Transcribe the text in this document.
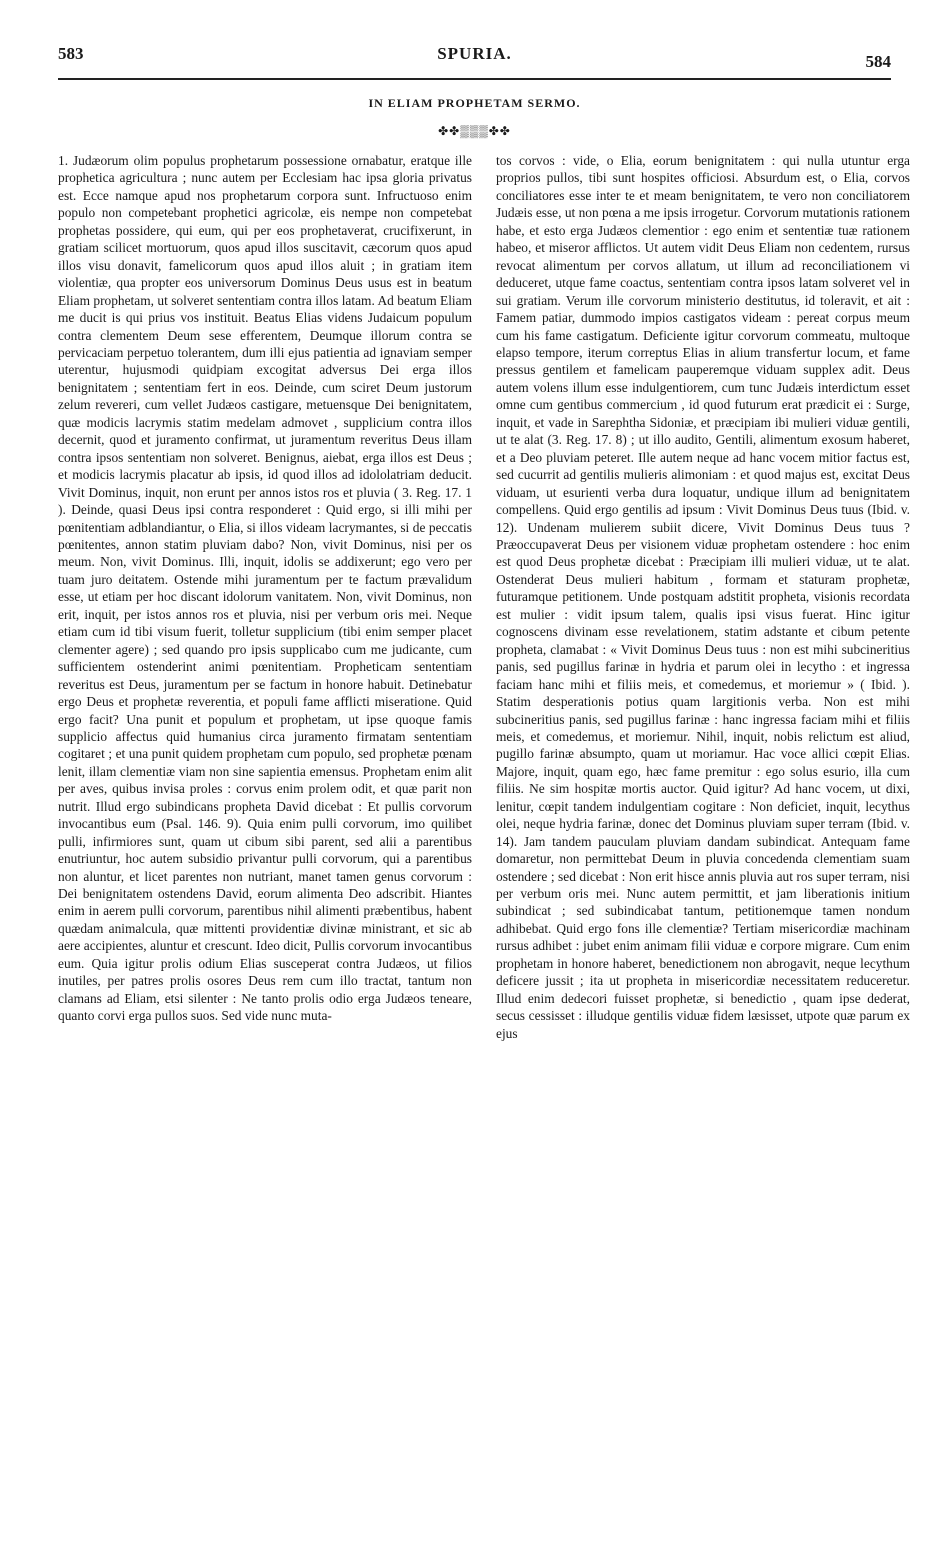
583	SPURIA.	584
IN ELIAM PROPHETAM SERMO.
✤✤▒▒▒✤✤

1. Judæorum olim populus prophetarum possessione ornabatur, eratque ille prophetica agricultura ; nunc autem per Ecclesiam hac ipsa gloria privatus est. Ecce namque apud nos prophetarum corpora sunt. Infructuoso enim populo non competebant prophetici agricolæ, eis nempe non competebat prophetas possidere, qui eum, qui per eos prophetaverat, crucifixerunt, in gratiam scilicet mortuorum, quos apud illos suscitavit, cæcorum quos apud illos visu donavit, famelicorum quos apud illos aluit ; in gratiam item violentiæ, qua propter eos universorum Dominus Deus usus est in beatum Eliam prophetam, ut solveret sententiam contra illos latam. Ad beatum Eliam me ducit is qui prius vos instituit. Beatus Elias videns Judaicum populum contra clementem Deum sese efferentem, Deumque illorum contra se pervicaciam perpetuo tolerantem, dum illi ejus patientia ad ignaviam semper uterentur, hujusmodi quidpiam excogitat adversus Dei erga illos benignitatem ; sententiam fert in eos. Deinde, cum sciret Deum justorum zelum revereri, cum vellet Judæos castigare, metuensque Dei benignitatem, quæ modicis lacrymis statim medelam admovet , supplicium contra illos decernit, quod et juramento confirmat, ut juramentum reveritus Deus illam contra ipsos sententiam non solveret. Benignus, aiebat, erga illos est Deus ; et modicis lacrymis placatur ab ipsis, id quod illos ad idololatriam deducit. Vivit Dominus, inquit, non erunt per annos istos ros et pluvia ( 3. Reg. 17. 1 ). Deinde, quasi Deus ipsi contra responderet : Quid ergo, si illi mihi per pœnitentiam adblandiantur, o Elia, si illos videam lacrymantes, si de peccatis pœnitentes, annon statim pluviam dabo? Non, vivit Dominus, nisi per os meum. Non, vivit Dominus. Illi, inquit, idolis se addixerunt; ego vero per tuam juro deitatem. Ostende mihi juramentum per te factum prævalidum esse, ut etiam per hoc discant idolorum vanitatem. Non, vivit Dominus, non erit, inquit, per istos annos ros et pluvia, nisi per verbum oris mei. Neque etiam cum id tibi visum fuerit, tolletur supplicium (tibi enim semper placet clementer agere) ; sed quando pro ipsis supplicabo cum me judicante, cum sufficientem ostenderint animi pœnitentiam. Propheticam sententiam reveritus est Deus, juramentum per se factum in honore habuit. Detinebatur ergo Deus et prophetæ reverentia, et populi fame afflicti miseratione. Quid ergo facit? Una punit et populum et prophetam, ut ipse quoque famis supplicio affectus quid humanius circa juramento firmatam sententiam cogitaret ; et una punit quidem prophetam cum populo, sed prophetæ pœnam lenit, illam clementiæ viam non sine sapientia emensus. Prophetam enim alit per aves, quibus invisa proles : corvus enim prolem odit, et quæ parit non nutrit. Illud ergo subindicans propheta David dicebat : Et pullis corvorum invocantibus eum (Psal. 146. 9). Quia enim pulli corvorum, imo quilibet pulli, infirmiores sunt, quam ut cibum sibi parent, sed alii a parentibus enutriuntur, hoc autem subsidio privantur pulli corvorum, qui a parentibus non aluntur, et licet parentes non nutriant, manet tamen genus corvorum : Dei benignitatem ostendens David, eorum alimenta Deo adscribit. Hiantes enim in aerem pulli corvorum, parentibus nihil alimenti præbentibus, habent quædam animalcula, quæ mittenti providentiæ divinæ ministrant, et sic ab aere accipientes, aluntur et crescunt. Ideo dicit, Pullis corvorum invocantibus eum. Quia igitur prolis odium Elias susceperat contra Judæos, ut filios inutiles, per patres prolis osores Deus rem cum illo tractat, tantum non clamans ad Eliam, etsi silenter : Ne tanto prolis odio erga Judæos teneare, quanto corvi erga pullos suos. Sed vide nunc muta-

tos corvos : vide, o Elia, eorum benignitatem : qui nulla utuntur erga proprios pullos, tibi sunt hospites officiosi. Absurdum est, o Elia, corvos conciliatores esse inter te et meam benignitatem, te vero non conciliatorem Judæis esse, ut non pœna a me ipsis irrogetur. Corvorum mutationis rationem habe, et esto erga Judæos clementior : ego enim et sententiæ tuæ rationem habeo, et miseror afflictos. Ut autem vidit Deus Eliam non cedentem, rursus revocat alimentum per corvos allatum, ut illum ad reconciliationem vi deduceret, utque fame coactus, sententiam contra ipsos latam solveret vel in sui gratiam. Verum ille corvorum ministerio destitutus, id toleravit, et ait : Famem patiar, dummodo impios castigatos videam : pereat corpus meum cum his fame castigatum. Deficiente igitur corvorum commeatu, multoque elapso tempore, iterum correptus Elias in alium transfertur locum, et fame pressus gentilem et famelicam pauperemque viduam supplex adit. Deus autem volens illum esse indulgentiorem, cum tunc Judæis interdictum esset omne cum gentibus commercium , id quod futurum erat prædicit ei : Surge, inquit, et vade in Sarephtha Sidoniæ, et præcipiam ibi mulieri viduæ gentili, ut te alat (3. Reg. 17. 8) ; ut illo audito, Gentili, alimentum exosum haberet, et a Deo pluviam peteret. Ille autem neque ad hanc vocem mitior factus est, sed cucurrit ad gentilis mulieris alimoniam : et quod majus est, excitat Deus viduam, ut esurienti verba dura loquatur, undique illum ad benignitatem compellens. Quid ergo gentilis ad ipsum : Vivit Dominus Deus tuus (Ibid. v. 12). Undenam mulierem subiit dicere, Vivit Dominus Deus tuus ? Præoccupaverat Deus per visionem viduæ prophetam ostendere : hoc enim est quod Deus prophetæ dicebat : Præcipiam illi mulieri viduæ, ut te alat. Ostenderat Deus mulieri habitum , formam et staturam prophetæ, futuramque petitionem. Unde postquam adstitit propheta, visionis recordata est mulier : vidit ipsum talem, qualis ipsi visus fuerat. Hinc igitur cognoscens divinam esse revelationem, statim adstante et cibum petente propheta, clamabat : « Vivit Dominus Deus tuus : non est mihi subcineritius panis, sed pugillus farinæ in hydria et parum olei in lecytho : et ingressa faciam hanc mihi et filiis meis, et comedemus, et moriemur » ( Ibid. ). Statim desperationis potius quam largitionis verba. Non est mihi subcineritius panis, sed pugillus farinæ : hanc ingressa faciam mihi et filiis meis, et comedemus, et moriemur. Nihil, inquit, nobis relictum est aliud, pugillo farinæ absumpto, quam ut moriamur. Hac voce allici cœpit Elias. Majore, inquit, quam ego, hæc fame premitur : ego solus esurio, illa cum filiis. Ne sim hospitæ mortis auctor. Quid igitur? Ad hanc vocem, ut dixi, lenitur, cœpit tandem indulgentiam cogitare : Non deficiet, inquit, lecythus olei, neque hydria farinæ, donec det Dominus pluviam super terram (Ibid. v. 14). Jam tandem pauculam pluviam dandam subindicat. Antequam fame domaretur, non permittebat Deum in pluvia concedenda clementiam suam ostendere ; sed dicebat : Non erit hisce annis pluvia aut ros super terram, nisi per verbum oris mei. Nunc autem permittit, et jam liberationis initium subindicat ; sed subindicabat tantum, petitionemque tamen nondum adhibebat. Quid ergo fons ille clementiæ? Tertiam misericordiæ machinam rursus adhibet : jubet enim animam filii viduæ e corpore migrare. Cum enim prophetam in honore haberet, benedictionem non abrogavit, neque lecythum deficere jussit ; ita ut propheta in misericordiæ necessitatem reduceretur. Illud enim dedecori fuisset prophetæ, si benedictio , quam ipse dederat, secus cessisset : illudque gentilis viduæ fidem læsisset, utpote quæ parum ex ejus
